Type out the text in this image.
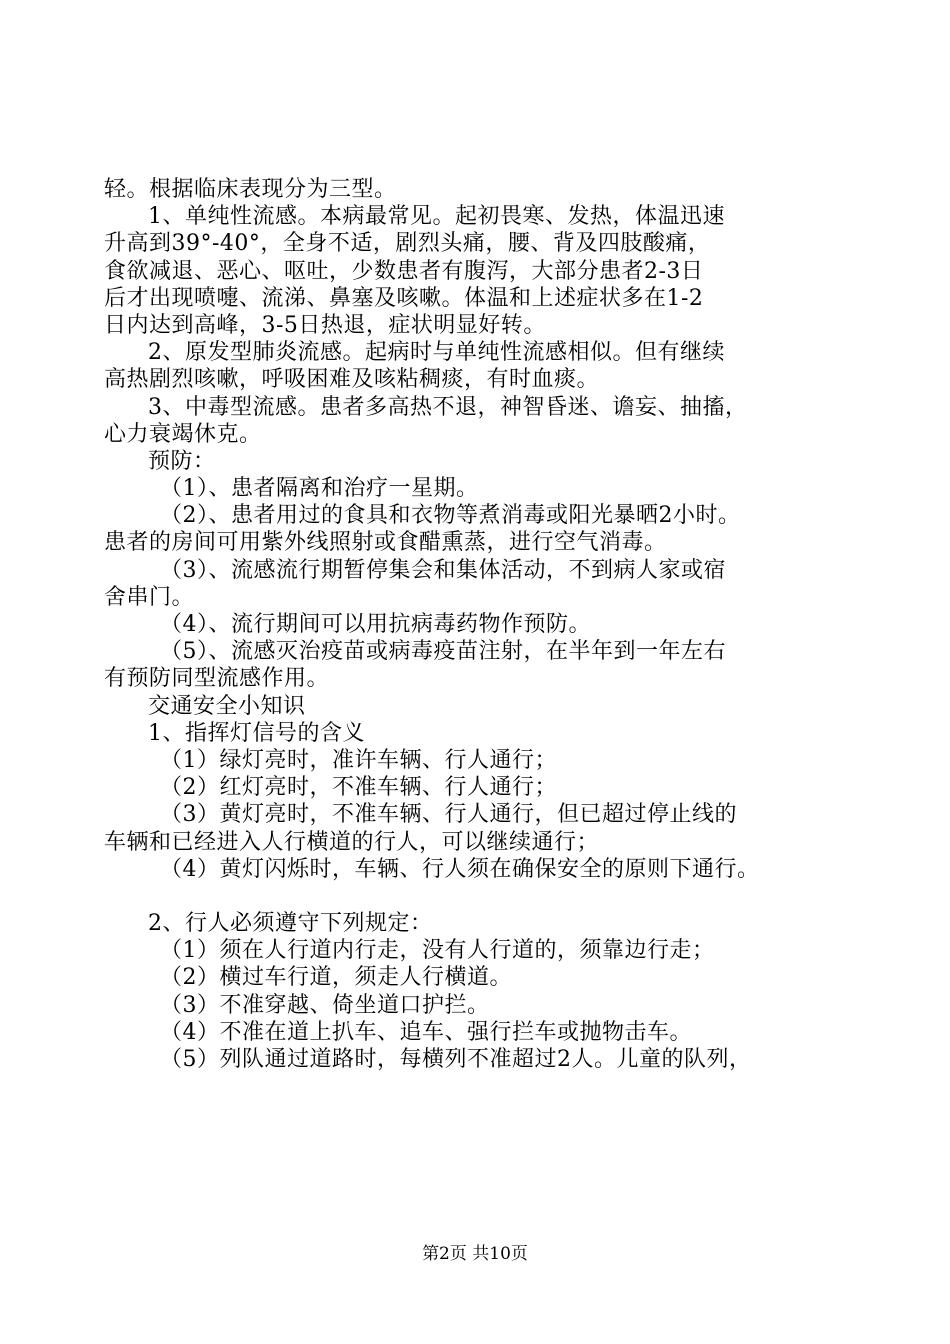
轻。根据临床表现分为三型。
1、单纯性流感。本病最常见。起初畏寒、发热，体温迅速
升高到39°-40°，全身不适，剧烈头痛，腰、背及四肢酸痛，
食欲减退、恶心、呕吐，少数患者有腹泻，大部分患者2-3日
后才出现喷嚏、流涕、鼻塞及咳嗽。体温和上述症状多在1-2
日内达到高峰，3-5日热退，症状明显好转。
2、原发型肺炎流感。起病时与单纯性流感相似。但有继续
高热剧烈咳嗽，呼吸困难及咳粘稠痰，有时血痰。
3、中毒型流感。患者多高热不退，神智昏迷、谵妄、抽搐，
心力衰竭休克。
预防：
（1）、患者隔离和治疗一星期。
（2）、患者用过的食具和衣物等煮消毒或阳光暴晒2小时。
患者的房间可用紫外线照射或食醋熏蒸，进行空气消毒。
（3）、流感流行期暂停集会和集体活动，不到病人家或宿
舍串门。
（4）、流行期间可以用抗病毒药物作预防。
（5）、流感灭治疫苗或病毒疫苗注射，在半年到一年左右
有预防同型流感作用。
交通安全小知识
1、指挥灯信号的含义
（1）绿灯亮时，准许车辆、行人通行；
（2）红灯亮时，不准车辆、行人通行；
（3）黄灯亮时，不准车辆、行人通行，但已超过停止线的
车辆和已经进入人行横道的行人，可以继续通行；
（4）黄灯闪烁时，车辆、行人须在确保安全的原则下通行。
2、行人必须遵守下列规定：
（1）须在人行道内行走，没有人行道的，须靠边行走；
（2）横过车行道，须走人行横道。
（3）不准穿越、倚坐道口护拦。
（4）不准在道上扒车、追车、强行拦车或抛物击车。
（5）列队通过道路时，每横列不准超过2人。儿童的队列，
第2页 共10页
